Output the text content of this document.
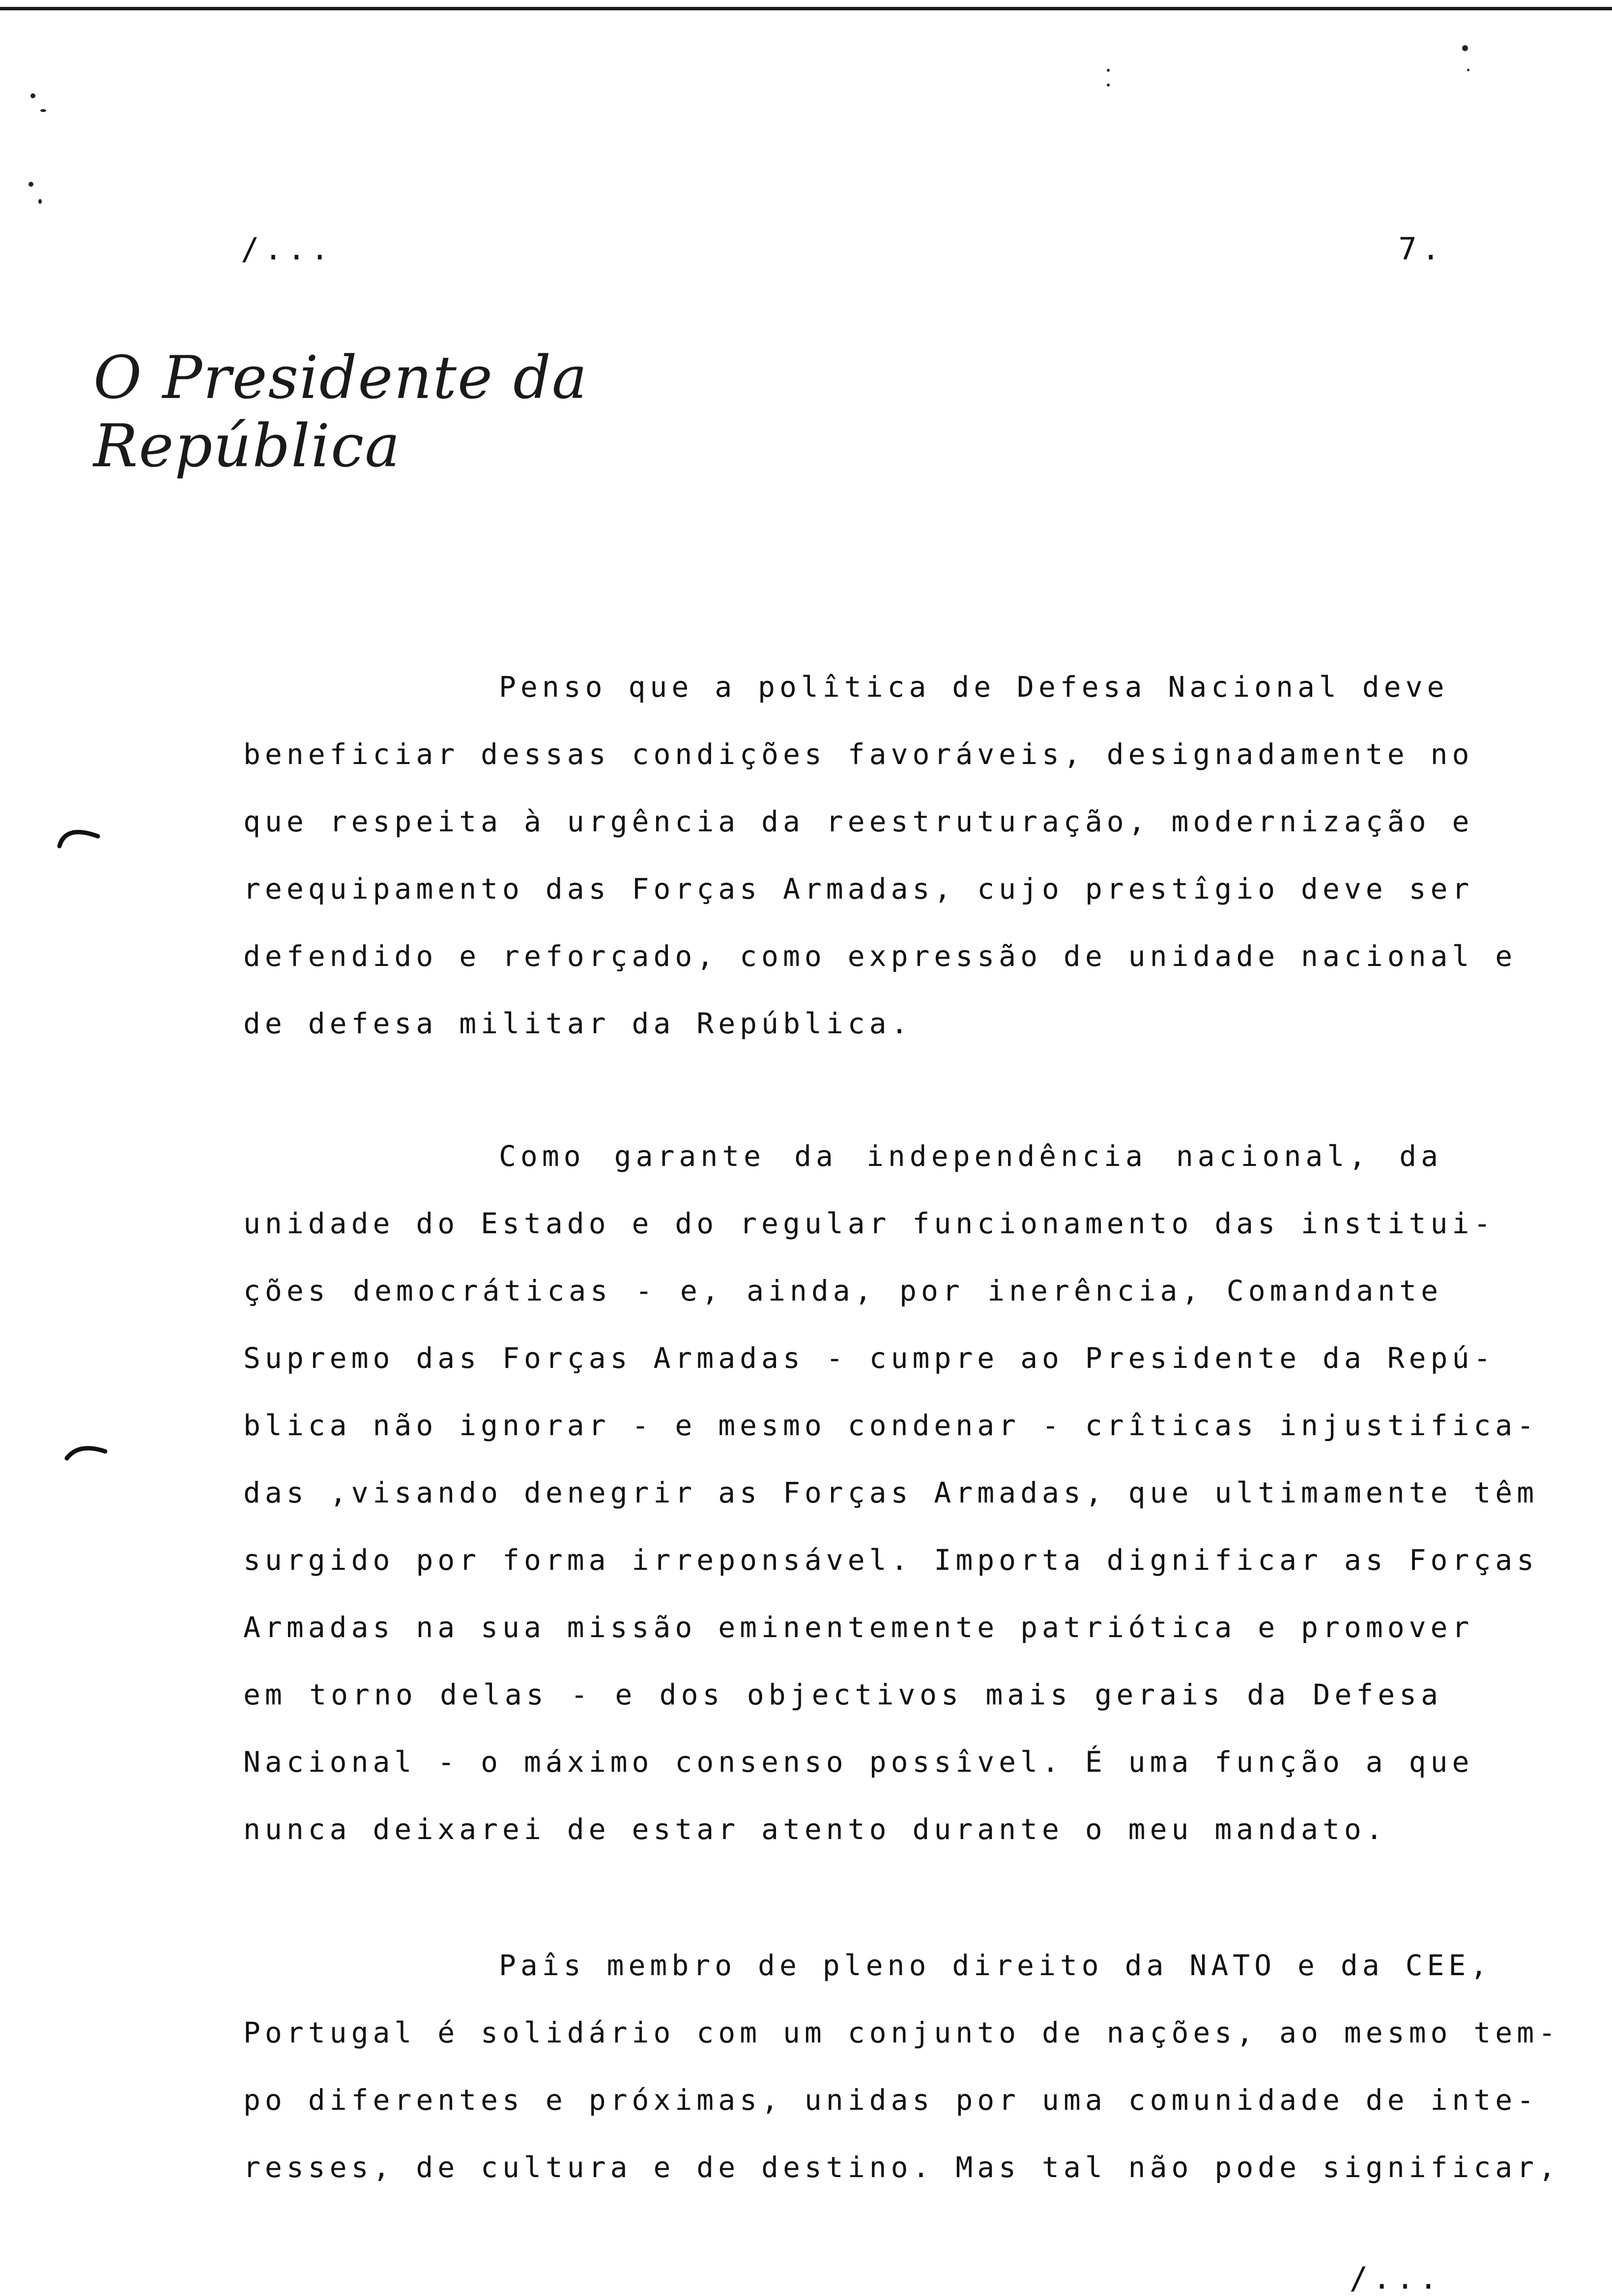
/...	7.
O Presidente da República
Penso que a polîtica de Defesa Nacional deve
beneficiar dessas condições favoráveis, designadamente no
que respeita à urgência da reestruturação, modernização e
reequipamento das Forças Armadas, cujo prestîgio deve ser
defendido e reforçado, como expressão de unidade nacional e
de defesa militar da República.
Como garante da independência nacional, da
unidade do Estado e do regular funcionamento das institui-
ções democráticas - e, ainda, por inerência, Comandante
Supremo das Forças Armadas - cumpre ao Presidente da Repú-
blica não ignorar - e mesmo condenar - crîticas injustifica-
das ,visando denegrir as Forças Armadas, que ultimamente têm
surgido por forma irreponsável. Importa dignificar as Forças
Armadas na sua missão eminentemente patriótica e promover
em torno delas - e dos objectivos mais gerais da Defesa
Nacional - o máximo consenso possîvel. É uma função a que
nunca deixarei de estar atento durante o meu mandato.
Paîs membro de pleno direito da NATO e da CEE,
Portugal é solidário com um conjunto de nações, ao mesmo tem-
po diferentes e próximas, unidas por uma comunidade de inte-
resses, de cultura e de destino. Mas tal não pode significar,
/...
